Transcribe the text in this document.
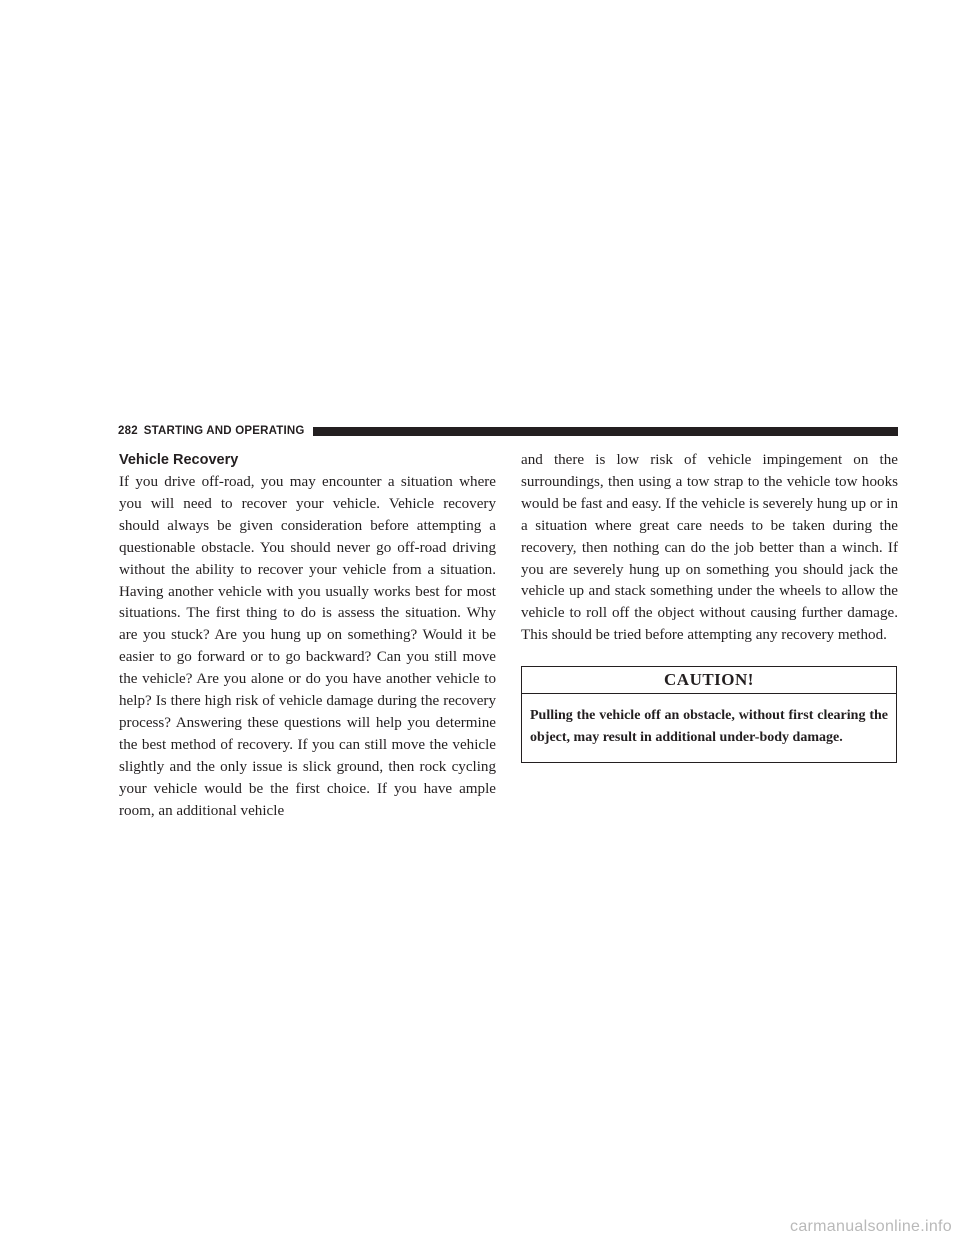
282 STARTING AND OPERATING
Vehicle Recovery

If you drive off-road, you may encounter a situation where you will need to recover your vehicle. Vehicle recovery should always be given consideration before attempting a questionable obstacle. You should never go off-road driving without the ability to recover your vehicle from a situation. Having another vehicle with you usually works best for most situations. The first thing to do is assess the situation. Why are you stuck? Are you hung up on something? Would it be easier to go forward or to go backward? Can you still move the vehicle? Are you alone or do you have another vehicle to help? Is there high risk of vehicle damage during the recovery process? Answering these questions will help you determine the best method of recovery. If you can still move the vehicle slightly and the only issue is slick ground, then rock cycling your vehicle would be the first choice. If you have ample room, an additional vehicle

and there is low risk of vehicle impingement on the surroundings, then using a tow strap to the vehicle tow hooks would be fast and easy. If the vehicle is severely hung up or in a situation where great care needs to be taken during the recovery, then nothing can do the job better than a winch. If you are severely hung up on something you should jack the vehicle up and stack something under the wheels to allow the vehicle to roll off the object without causing further damage. This should be tried before attempting any recovery method.

CAUTION!

Pulling the vehicle off an obstacle, without first clearing the object, may result in additional under-body damage.

carmanualsonline.info
